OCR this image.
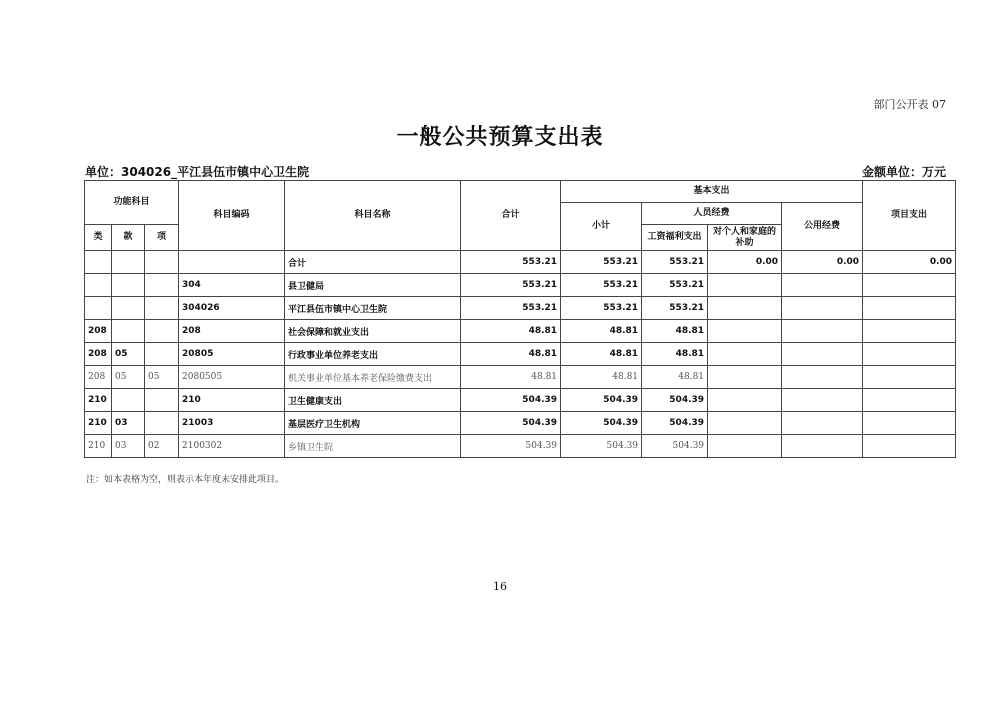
部门公开表 07
一般公共预算支出表
单位：304026_平江县伍市镇中心卫生院	金额单位：万元
功能科目			科目编码	科目名称	合计	基本支出				项目支出
						小计	人员经费		公用经费	
类	款	项					工资福利支出	对个人和家庭的补助		
				合计	553.21	553.21	553.21	0.00	0.00	0.00
			304	县卫健局	553.21	553.21	553.21			
			304026	平江县伍市镇中心卫生院	553.21	553.21	553.21			
208			208	社会保障和就业支出	48.81	48.81	48.81			
208	05		20805	行政事业单位养老支出	48.81	48.81	48.81			
208	05	05	2080505	机关事业单位基本养老保险缴费支出	48.81	48.81	48.81			
210			210	卫生健康支出	504.39	504.39	504.39			
210	03		21003	基层医疗卫生机构	504.39	504.39	504.39			
210	03	02	2100302	乡镇卫生院	504.39	504.39	504.39			
注：如本表格为空，则表示本年度未安排此项目。
16
